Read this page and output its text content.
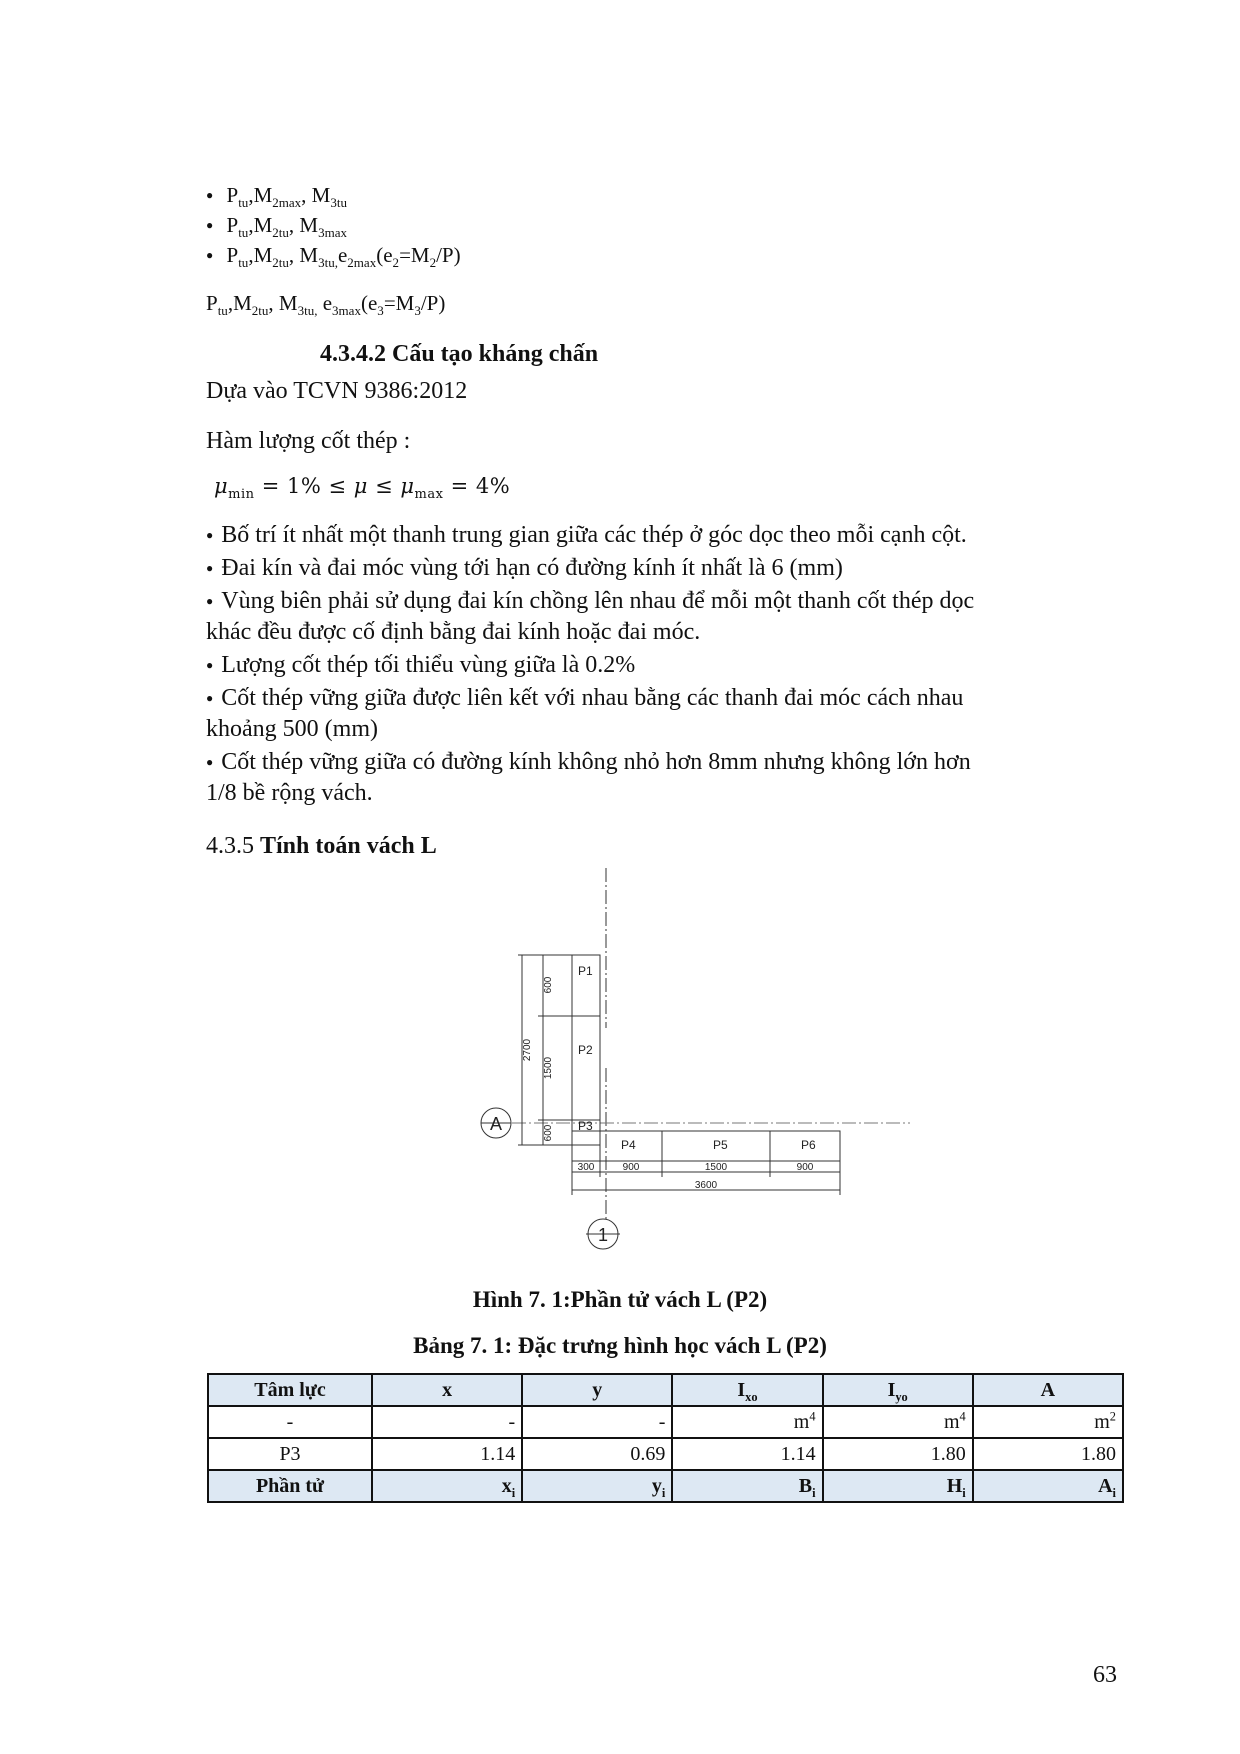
● $P_{tu},M_{2max}$, $M_{3tu}$
● $P_{tu},M_{2tu}$, $M_{3max}$
● $P_{tu},M_{2tu}$, $M_{3tu,}e_{2max}(e_2=M_2/P)$
$P_{tu},M_{2tu}$, $M_{3tu,}$ $e_{3max}(e_3=M_3/P)$
4.3.4.2 Cấu tạo kháng chấn
Dựa vào TCVN 9386:2012
Hàm lượng cốt thép :
$\mu_{min} = 1\% \le \mu \le \mu_{max} = 4\%$
● Bố trí ít nhất một thanh trung gian giữa các thép ở góc dọc theo mỗi cạnh cột.
● Đai kín và đai móc vùng tới hạn có đường kính ít nhất là 6 (mm)
● Vùng biên phải sử dụng đai kín chồng lên nhau để mỗi một thanh cốt thép dọc
khác đều được cố định bằng đai kính hoặc đai móc.
● Lượng cốt thép tối thiểu vùng giữa là 0.2%
● Cốt thép vững giữa được liên kết với nhau bằng các thanh đai móc cách nhau
khoảng 500 (mm)
● Cốt thép vững giữa có đường kính không nhỏ hơn 8mm nhưng không lớn hơn
1/8 bề rộng vách.
4.3.5 Tính toán vách L
P1
P2
P3
P4	P5	P6
600
1500
600
2700
300	900	1500	900
3600
A
1
Hình 7. 1:Phần tử vách L (P2)
Bảng 7. 1: Đặc trưng hình học vách L (P2)
Tâm lực	x	y	$I_{xo}$	$I_{yo}$	A
-	-	-	$m^4$	$m^4$	$m^2$
P3	1.14	0.69	1.14	1.80	1.80
Phần tử	$x_i$	$y_i$	$B_i$	$H_i$	$A_i$
63
